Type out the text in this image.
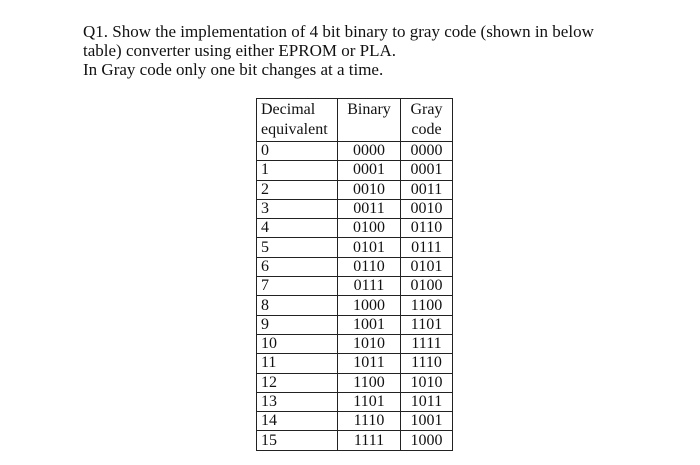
Q1. Show the implementation of 4 bit binary to gray code (shown in below
table) converter using either EPROM or PLA.
In Gray code only one bit changes at a time.
Decimal
equivalent	Binary	Gray
code

0	0000	0000
1	0001	0001
2	0010	0011
3	0011	0010
4	0100	0110
5	0101	0111
6	0110	0101
7	0111	0100
8	1000	1100
9	1001	1101
10	1010	1111
11	1011	1110
12	1100	1010
13	1101	1011
14	1110	1001
15	1111	1000
